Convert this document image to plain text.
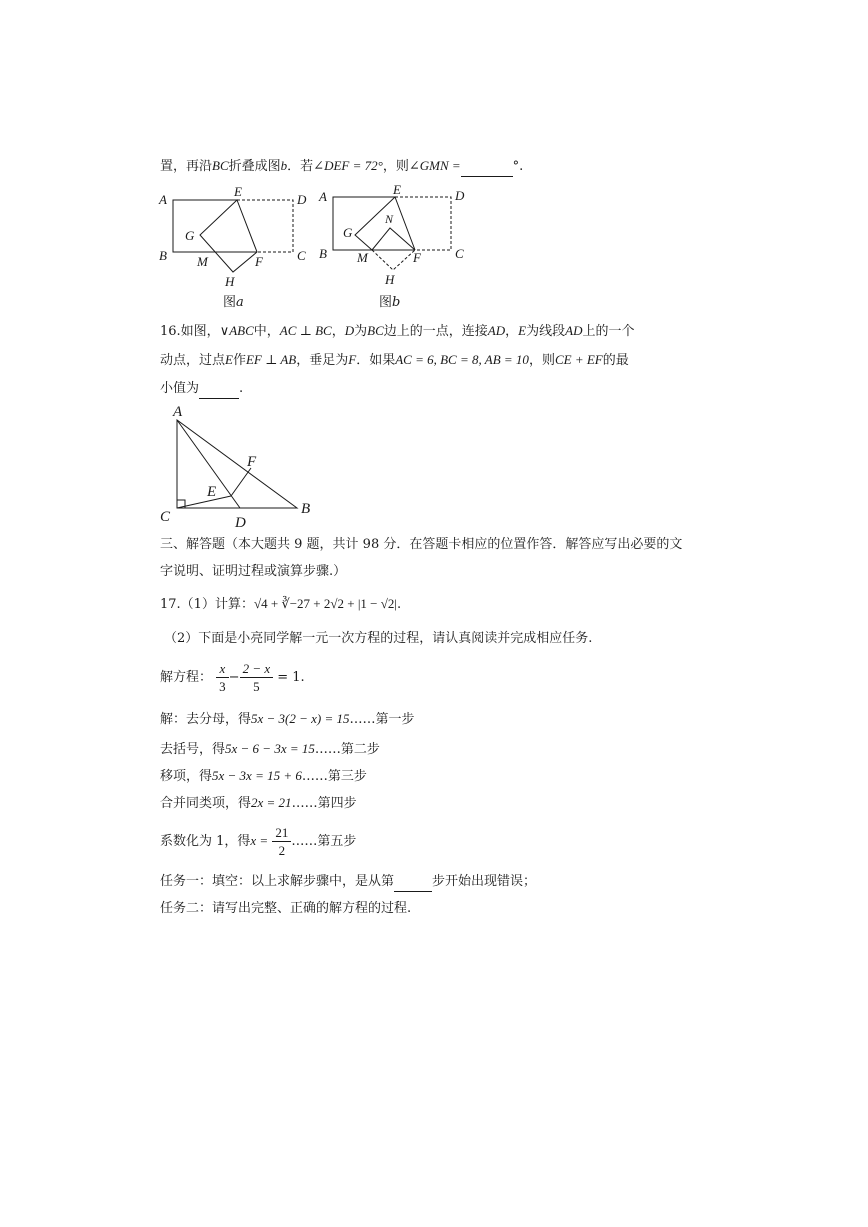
置，再沿BC折叠成图b．若∠DEF = 72°，则∠GMN =	°.
A
B	C
D
E
F
G
H
M
图a
A
B	C
D
E
F
G
H
M
N
图b
16.如图，∨ABC中，AC ⊥ BC，D为BC边上的一点，连接AD，E为线段AD上的一个
动点，过点E作EF ⊥ AB，垂足为F．如果AC = 6, BC = 8, AB = 10，则CE + EF的最
小值为	.
A
B
C	D
E
F
三、解答题（本大题共 9 题，共计 98 分．在答题卡相应的位置作答．解答应写出必要的文
字说明、证明过程或演算步骤.）
17.（1）计算：√4 + ∛−27 + 2√2 + |1 − √2|.
（2）下面是小亮同学解一元一次方程的过程，请认真阅读并完成相应任务.
解方程： $\frac{x}{3} - \frac{2 - x}{5} = 1$.
解：去分母，得5x − 3(2 − x) = 15……第一步
去括号，得5x − 6 − 3x = 15……第二步
移项，得5x − 3x = 15 + 6……第三步
合并同类项，得2x = 21……第四步
系数化为 1，得$x = \frac{21}{2}$ ……第五步
任务一：填空：以上求解步骤中，是从第	步开始出现错误；
任务二：请写出完整、正确的解方程的过程.
